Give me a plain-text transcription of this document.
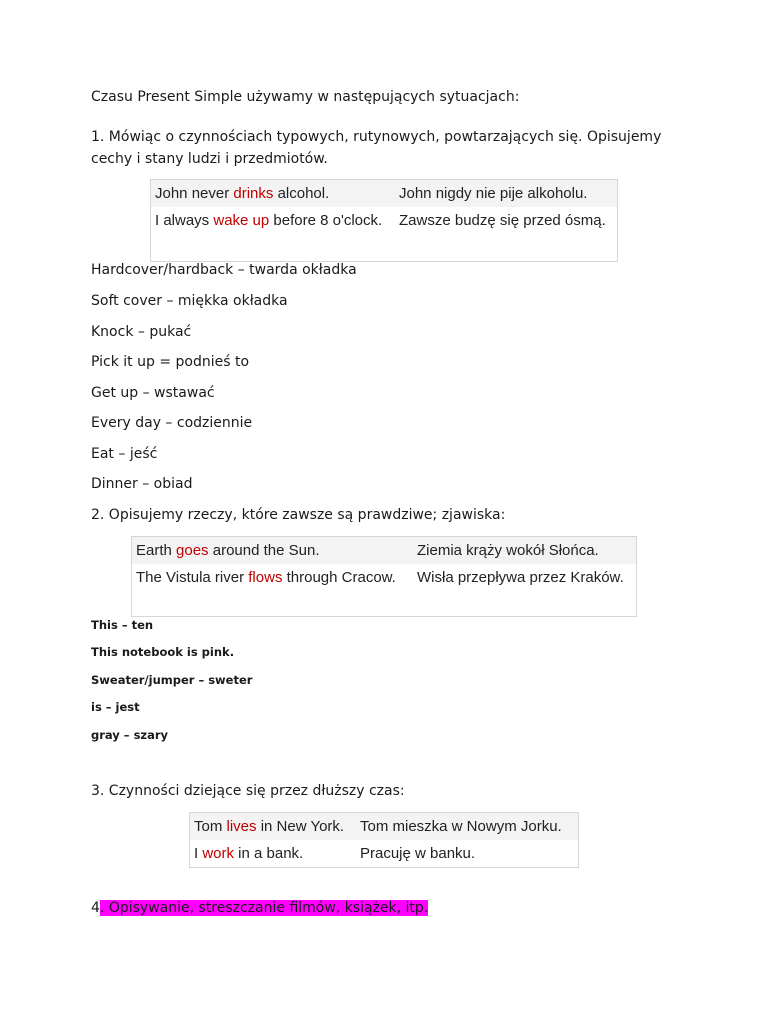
Czasu Present Simple używamy w następujących sytuacjach:

1. Mówiąc o czynnościach typowych, rutynowych, powtarzających się. Opisujemy

cechy i stany ludzi i przedmiotów.

John never drinks alcohol.	John nigdy nie pije alkoholu.
I always wake up before 8 o'clock.	Zawsze budzę się przed ósmą.

Hardcover/hardback – twarda okładka

Soft cover – miękka okładka

Knock – pukać

Pick it up = podnieś to

Get up – wstawać

Every day – codziennie

Eat – jeść

Dinner – obiad

2. Opisujemy rzeczy, które zawsze są prawdziwe; zjawiska:

Earth goes around the Sun.	Ziemia krąży wokół Słońca.
The Vistula river flows through Cracow.	Wisła przepływa przez Kraków.

This – ten

This notebook is pink.

Sweater/jumper – sweter

is – jest

gray – szary

3. Czynności dziejące się przez dłuższy czas:

Tom lives in New York.	Tom mieszka w Nowym Jorku.
I work in a bank.	Pracuję w banku.

4. Opisywanie, streszczanie filmów, książek, itp.
